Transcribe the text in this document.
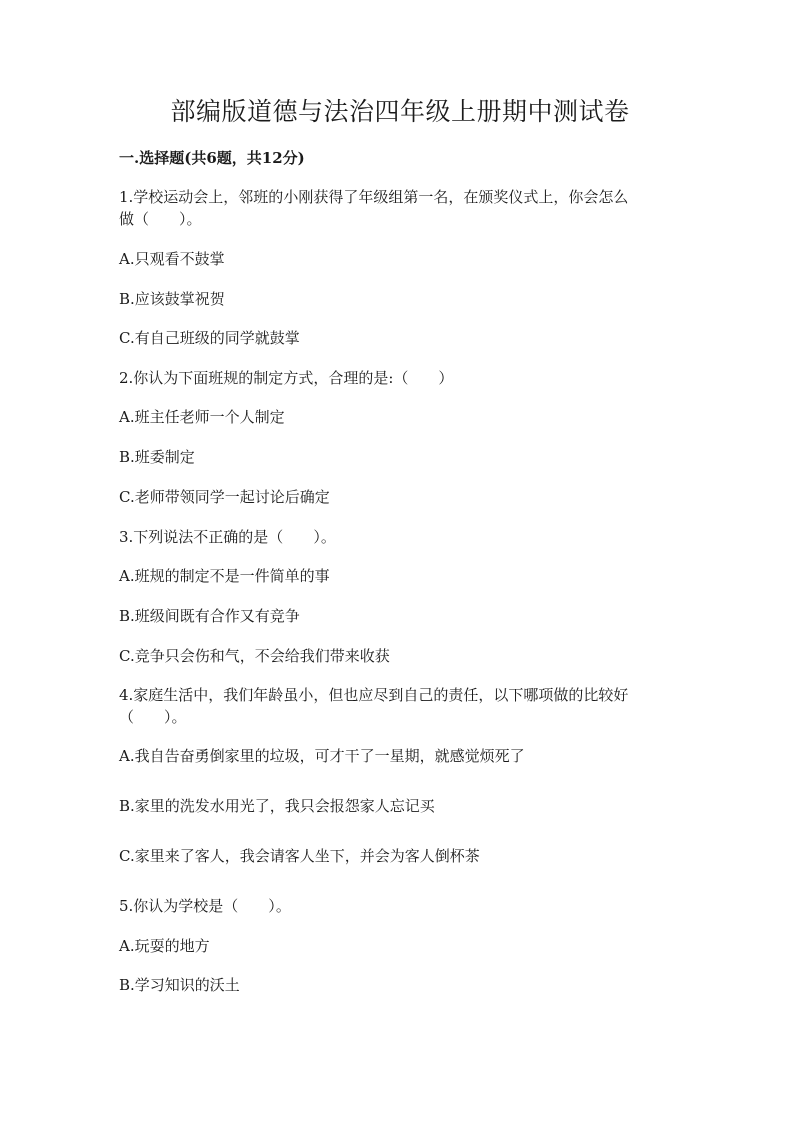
部编版道德与法治四年级上册期中测试卷
一.选择题(共6题，共12分)
1.学校运动会上，邻班的小刚获得了年级组第一名，在颁奖仪式上，你会怎么
做（　　）。
A.只观看不鼓掌
B.应该鼓掌祝贺
C.有自己班级的同学就鼓掌
2.你认为下面班规的制定方式，合理的是:（　　）
A.班主任老师一个人制定
B.班委制定
C.老师带领同学一起讨论后确定
3.下列说法不正确的是（　　）。
A.班规的制定不是一件简单的事
B.班级间既有合作又有竞争
C.竞争只会伤和气，不会给我们带来收获
4.家庭生活中，我们年龄虽小，但也应尽到自己的责任，以下哪项做的比较好
（　　）。
A.我自告奋勇倒家里的垃圾，可才干了一星期，就感觉烦死了
B.家里的洗发水用光了，我只会报怨家人忘记买
C.家里来了客人，我会请客人坐下，并会为客人倒杯茶
5.你认为学校是（　　）。
A.玩耍的地方
B.学习知识的沃土
